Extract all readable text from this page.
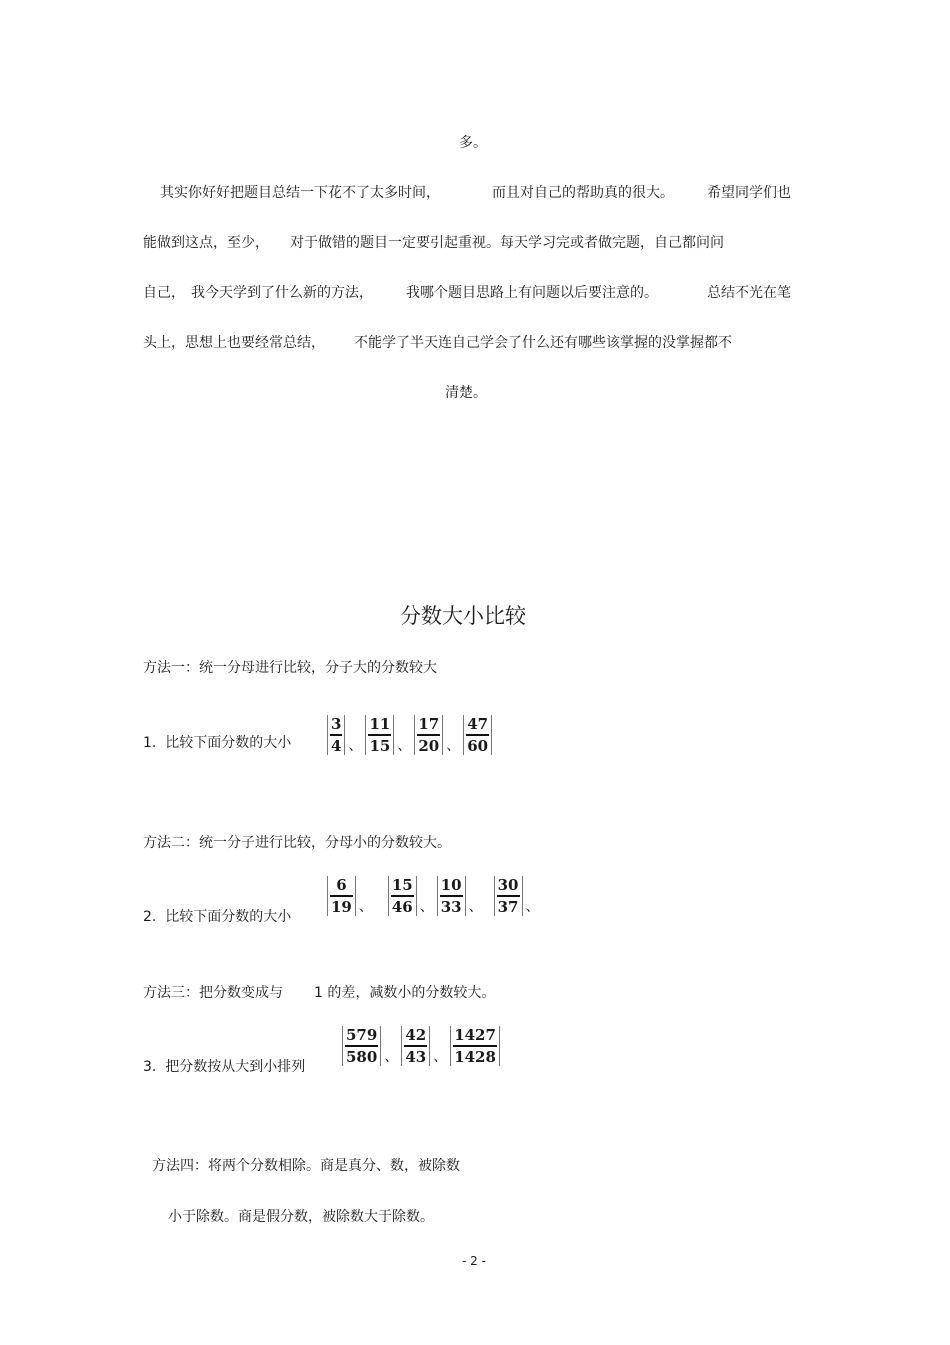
多。
其实你好好把题目总结一下花不了太多时间，	而且对自己的帮助真的很大。 希望同学们也
能做到这点，至少， 对于做错的题目一定要引起重视。每天学习完或者做完题，自己都问问
自己， 我今天学到了什么新的方法， 我哪个题目思路上有问题以后要注意的。	总结不光在笔
头上，思想上也要经常总结， 不能学了半天连自己学会了什么还有哪些该掌握的没掌握都不
清楚。
分数大小比较
方法一：统一分母进行比较，分子大的分数较大
1.  比较下面分数的大小 $\frac{3}{4}$ 、 $\frac{11}{15}$ 、 $\frac{17}{20}$ 、 $\frac{47}{60}$
方法二：统一分子进行比较，分母小的分数较大。
2.  比较下面分数的大小
$\frac{6}{19}$ 、 $\frac{15}{46}$ 、 $\frac{10}{33}$ 、 $\frac{30}{37}$ 、
方法三：把分数变成与 1 的差，减数小的分数较大。
3.  把分数按从大到小排列
$\frac{579}{580}$ 、 $\frac{42}{43}$ 、 $\frac{1427}{1428}$
方法四：将两个分数相除。商是真分、数，被除数
小于除数。商是假分数，被除数大于除数。
- 2 -
